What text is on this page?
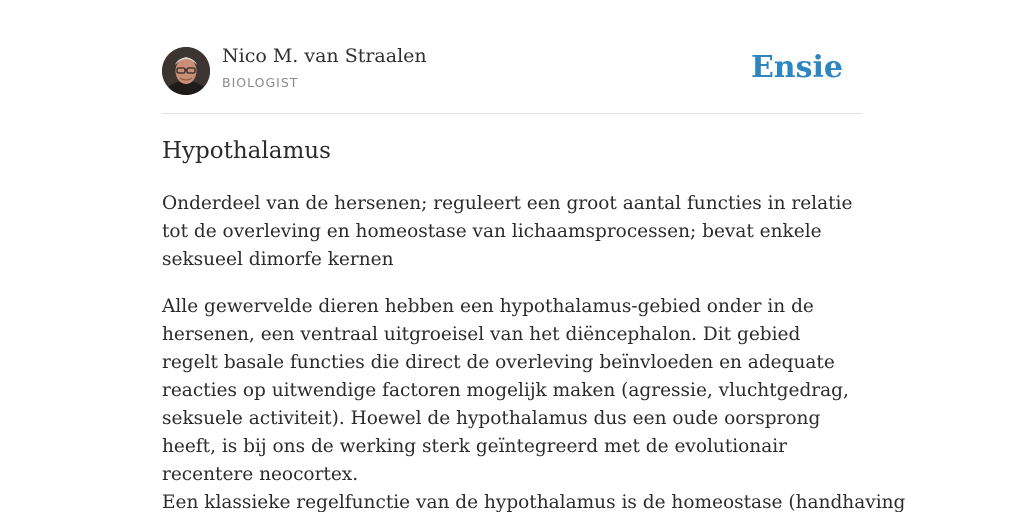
Nico M. van Straalen
BIOLOGIST	Ensie
Hypothalamus

Onderdeel van de hersenen; reguleert een groot aantal functies in relatie tot de overleving en homeostase van lichaamsprocessen; bevat enkele seksueel dimorfe kernen

Alle gewervelde dieren hebben een hypothalamus-gebied onder in de hersenen, een ventraal uitgroeisel van het diëncephalon. Dit gebied regelt basale functies die direct de overleving beïnvloeden en adequate reacties op uitwendige factoren mogelijk maken (agressie, vluchtgedrag, seksuele activiteit). Hoewel de hypothalamus dus een oude oorsprong heeft, is bij ons de werking sterk geïntegreerd met de evolutionair recentere neocortex.

Een klassieke regelfunctie van de hypothalamus is de homeostase (handhaving
